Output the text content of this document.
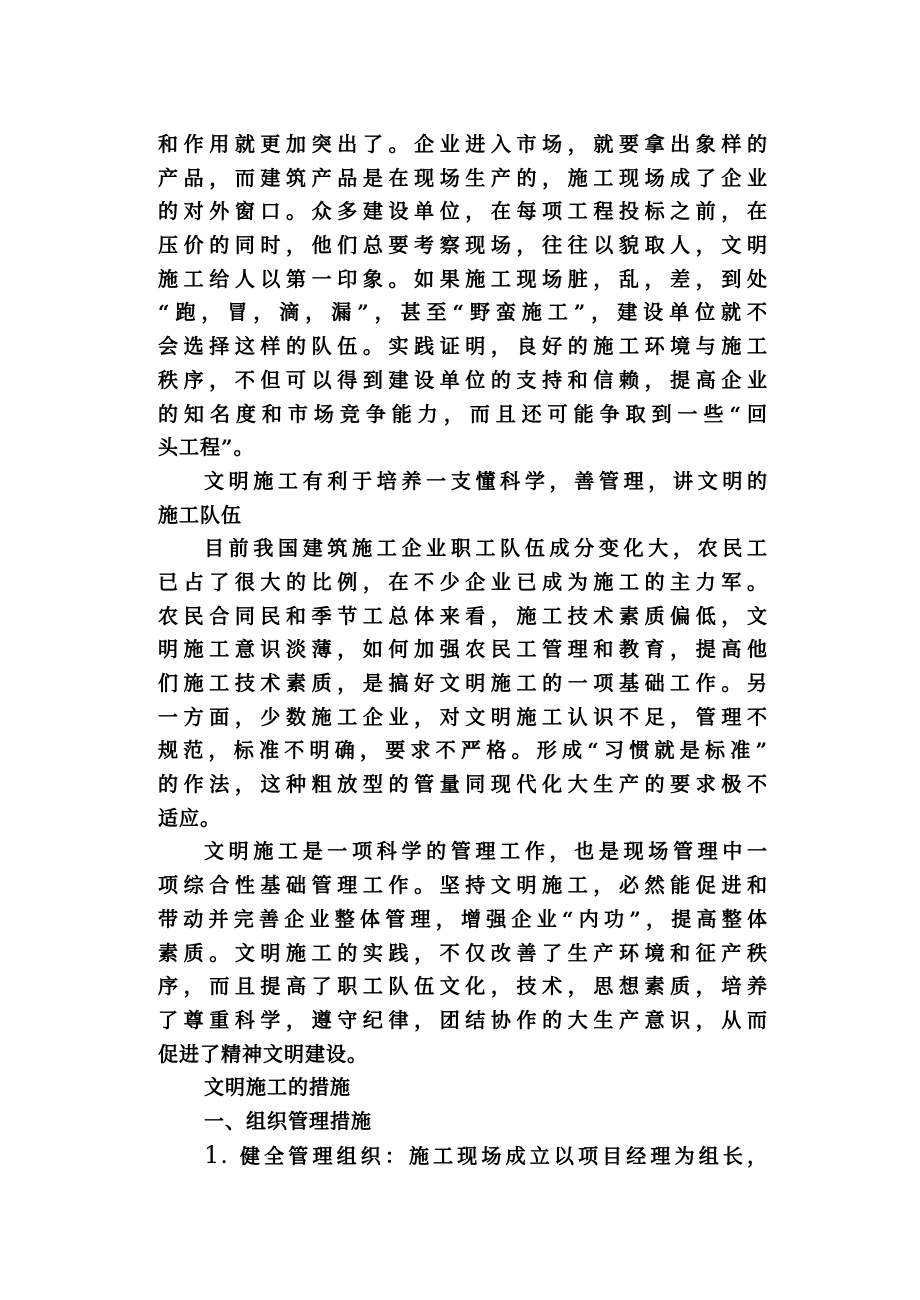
和作用就更加突出了。企业进入市场，就要拿出象样的
产品，而建筑产品是在现场生产的，施工现场成了企业
的对外窗口。众多建设单位，在每项工程投标之前，在
压价的同时，他们总要考察现场，往往以貌取人，文明
施工给人以第一印象。如果施工现场脏，乱，差，到处
“跑，冒，滴，漏”，甚至“野蛮施工”，建设单位就不
会选择这样的队伍。实践证明，良好的施工环境与施工
秩序，不但可以得到建设单位的支持和信赖，提高企业
的知名度和市场竞争能力，而且还可能争取到一些“回
头工程”。
文明施工有利于培养一支懂科学，善管理，讲文明的
施工队伍
目前我国建筑施工企业职工队伍成分变化大，农民工
已占了很大的比例，在不少企业已成为施工的主力军。
农民合同民和季节工总体来看，施工技术素质偏低，文
明施工意识淡薄，如何加强农民工管理和教育，提高他
们施工技术素质，是搞好文明施工的一项基础工作。另
一方面，少数施工企业，对文明施工认识不足，管理不
规范，标准不明确，要求不严格。形成“习惯就是标准”
的作法，这种粗放型的管量同现代化大生产的要求极不
适应。
文明施工是一项科学的管理工作，也是现场管理中一
项综合性基础管理工作。坚持文明施工，必然能促进和
带动并完善企业整体管理，增强企业“内功”，提高整体
素质。文明施工的实践，不仅改善了生产环境和征产秩
序，而且提高了职工队伍文化，技术，思想素质，培养
了尊重科学，遵守纪律，团结协作的大生产意识，从而
促进了精神文明建设。
文明施工的措施
一、组织管理措施
1. 健全管理组织：施工现场成立以项目经理为组长，
